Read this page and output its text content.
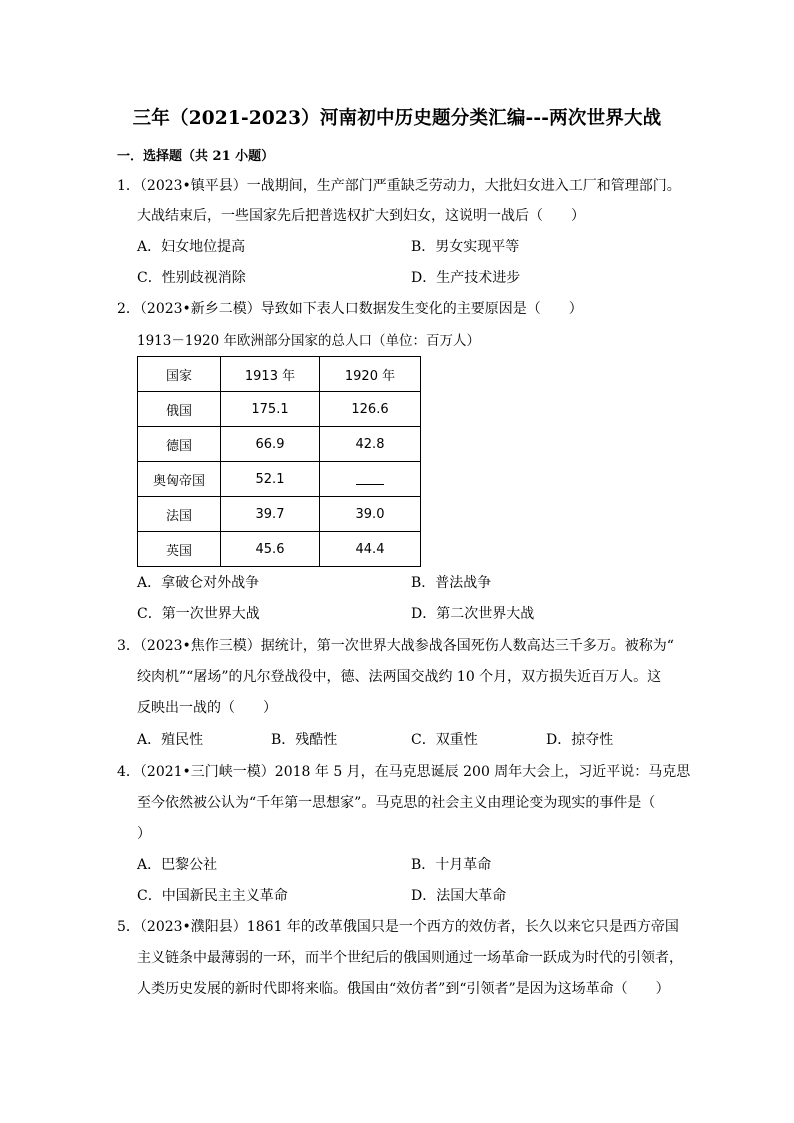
三年（2021-2023）河南初中历史题分类汇编---两次世界大战
一．选择题（共 21 小题）
1．（2023•镇平县）一战期间，生产部门严重缺乏劳动力，大批妇女进入工厂和管理部门。
大战结束后，一些国家先后把普选权扩大到妇女，这说明一战后（　　）
A．妇女地位提高	B．男女实现平等
C．性别歧视消除	D．生产技术进步
2．（2023•新乡二模）导致如下表人口数据发生变化的主要原因是（　　）
1913－1920 年欧洲部分国家的总人口（单位：百万人）
国家	1913 年	1920 年
俄国	175.1	126.6
德国	66.9	42.8
奥匈帝国	52.1	
法国	39.7	39.0
英国	45.6	44.4
A．拿破仑对外战争	B．普法战争
C．第一次世界大战	D．第二次世界大战
3．（2023•焦作三模）据统计，第一次世界大战参战各国死伤人数高达三千多万。被称为“
绞肉机”“屠场”的凡尔登战役中，德、法两国交战约 10 个月，双方损失近百万人。这
反映出一战的（　　）
A．殖民性	B．残酷性	C．双重性	D．掠夺性
4．（2021•三门峡一模）2018 年 5 月，在马克思诞辰 200 周年大会上，习近平说：马克思
至今依然被公认为“千年第一思想家”。马克思的社会主义由理论变为现实的事件是（
）
A．巴黎公社	B．十月革命
C．中国新民主主义革命	D．法国大革命
5．（2023•濮阳县）1861 年的改革俄国只是一个西方的效仿者，长久以来它只是西方帝国
主义链条中最薄弱的一环，而半个世纪后的俄国则通过一场革命一跃成为时代的引领者，
人类历史发展的新时代即将来临。俄国由“效仿者”到“引领者”是因为这场革命（　　）
